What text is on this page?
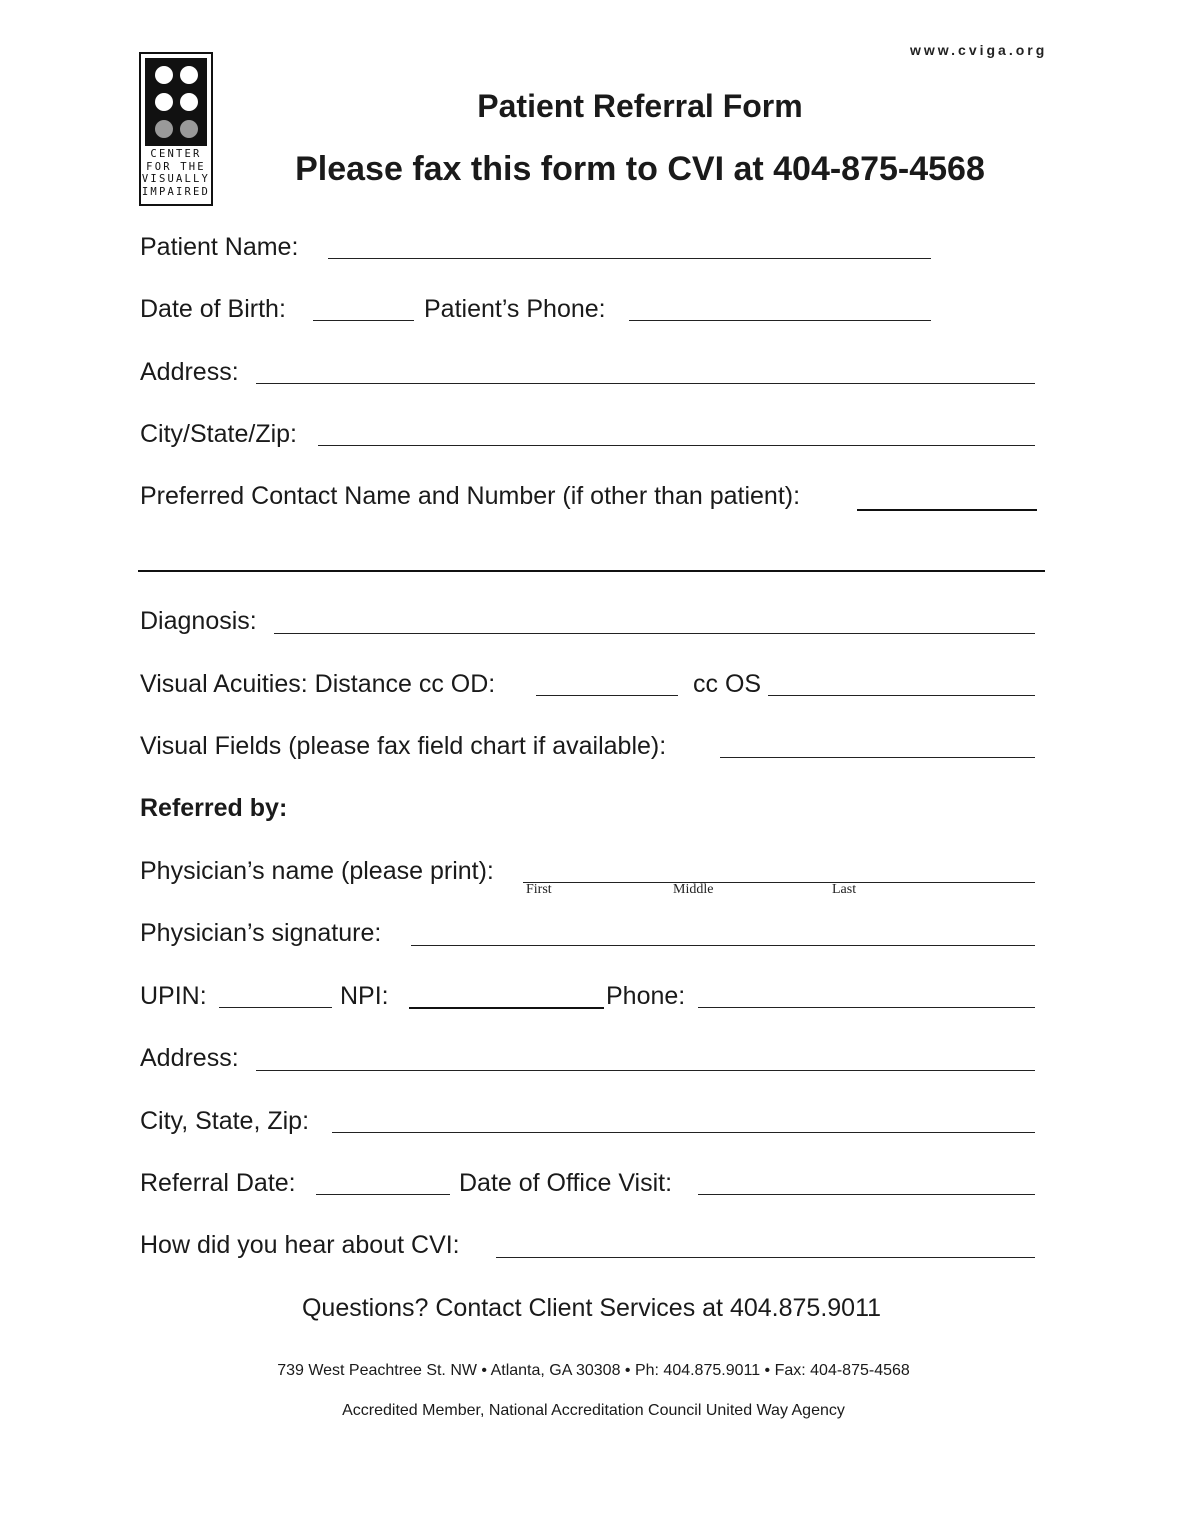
www.cviga.org
CENTER
FOR THE
VISUALLY
IMPAIRED
Patient Referral Form
Please fax this form to CVI at 404-875-4568
Patient Name:
Date of Birth:	Patient’s Phone:
Address:
City/State/Zip:
Preferred Contact Name and Number (if other than patient):
Diagnosis:
Visual Acuities: Distance cc OD:	cc OS
Visual Fields (please fax field chart if available):
Referred by:
Physician’s name (please print):
First	Middle	Last
Physician’s signature:
UPIN:	NPI:	Phone:
Address:
City, State, Zip:
Referral Date:	Date of Office Visit:
How did you hear about CVI:
Questions? Contact Client Services at 404.875.9011
739 West Peachtree St. NW • Atlanta, GA 30308 • Ph: 404.875.9011 • Fax: 404-875-4568
Accredited Member, National Accreditation Council United Way Agency
